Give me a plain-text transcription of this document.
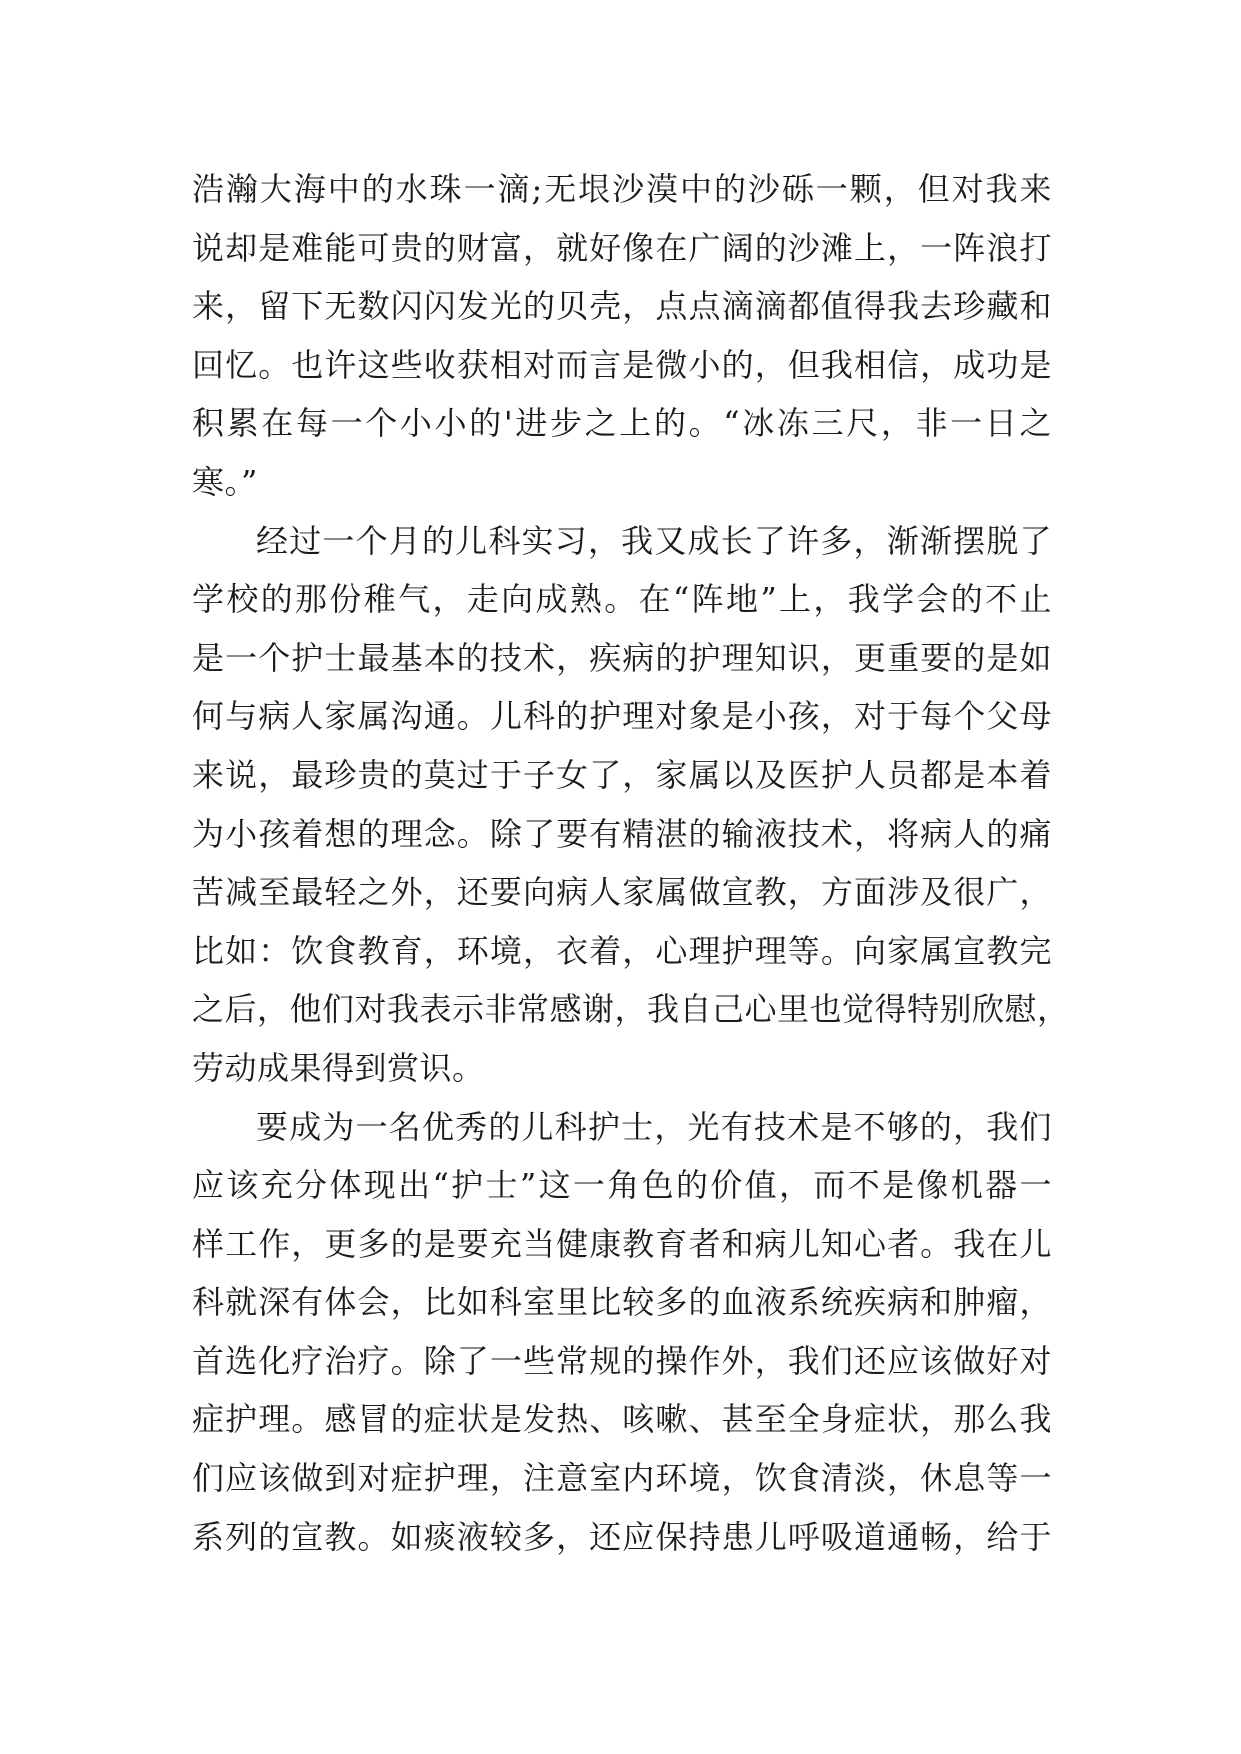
浩瀚大海中的水珠一滴;无垠沙漠中的沙砾一颗，但对我来
说却是难能可贵的财富，就好像在广阔的沙滩上，一阵浪打
来，留下无数闪闪发光的贝壳，点点滴滴都值得我去珍藏和
回忆。也许这些收获相对而言是微小的，但我相信，成功是
积累在每一个小小的'进步之上的。“冰冻三尺，非一日之
寒。”
经过一个月的儿科实习，我又成长了许多，渐渐摆脱了
学校的那份稚气，走向成熟。在“阵地”上，我学会的不止
是一个护士最基本的技术，疾病的护理知识，更重要的是如
何与病人家属沟通。儿科的护理对象是小孩，对于每个父母
来说，最珍贵的莫过于子女了，家属以及医护人员都是本着
为小孩着想的理念。除了要有精湛的输液技术，将病人的痛
苦减至最轻之外，还要向病人家属做宣教，方面涉及很广，
比如：饮食教育，环境，衣着，心理护理等。向家属宣教完
之后，他们对我表示非常感谢，我自己心里也觉得特别欣慰，
劳动成果得到赏识。
要成为一名优秀的儿科护士，光有技术是不够的，我们
应该充分体现出“护士”这一角色的价值，而不是像机器一
样工作，更多的是要充当健康教育者和病儿知心者。我在儿
科就深有体会，比如科室里比较多的血液系统疾病和肿瘤，
首选化疗治疗。除了一些常规的操作外，我们还应该做好对
症护理。感冒的症状是发热、咳嗽、甚至全身症状，那么我
们应该做到对症护理，注意室内环境，饮食清淡，休息等一
系列的宣教。如痰液较多，还应保持患儿呼吸道通畅，给于
